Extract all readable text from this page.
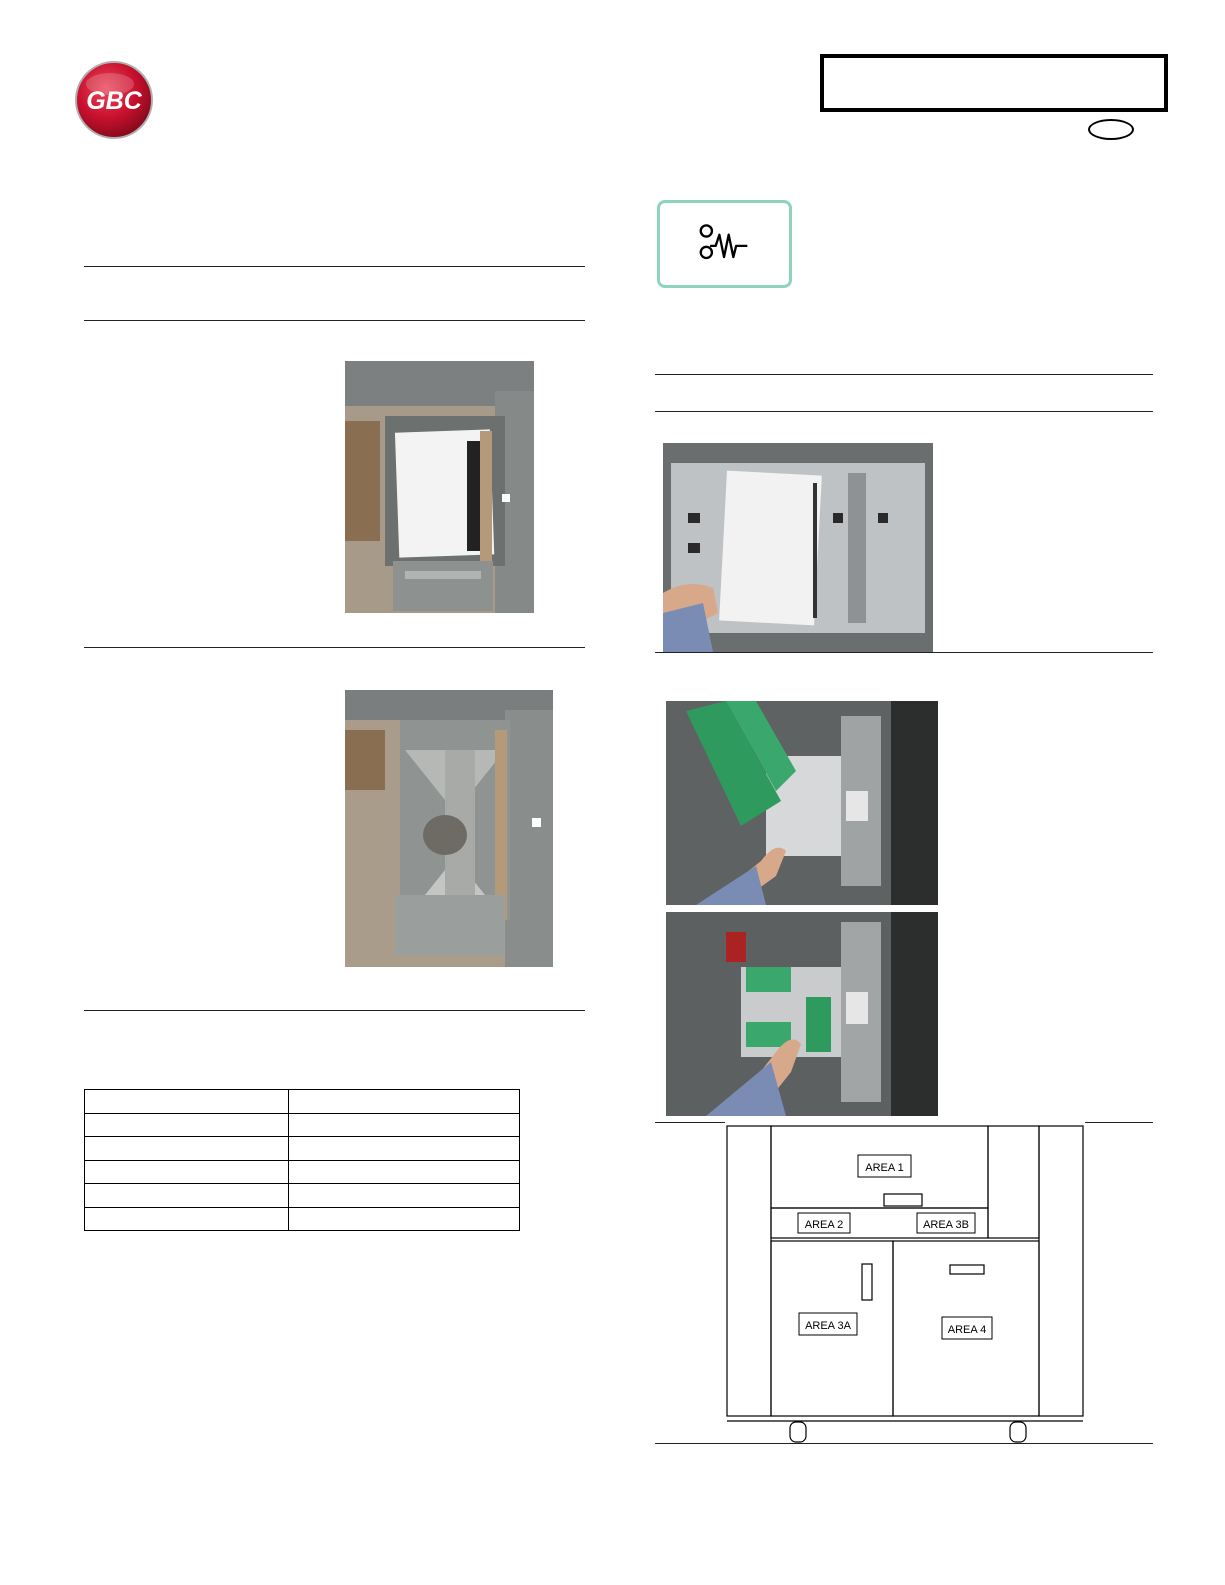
GBC
AREA 1
AREA 2	AREA 3B
AREA 3A	AREA 4
